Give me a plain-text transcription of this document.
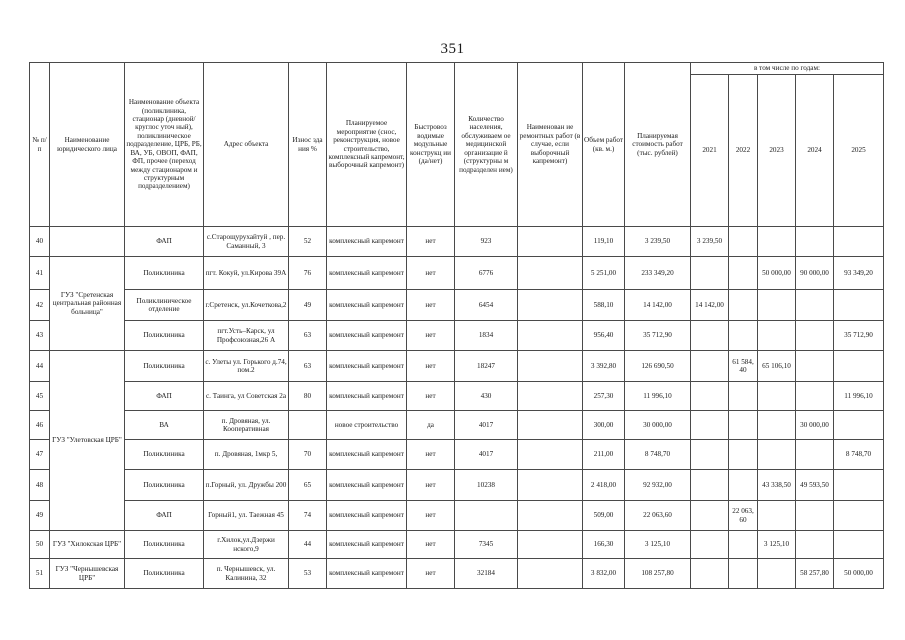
351
№ п/п	Наименование юридического лица	Наименование объекта (поликлиника, стационар (дневной/круглос уточ ный), поликлиническое подразделение, ЦРБ, РБ, ВА, УБ, ОВОП, ФАП, ФП, прочее (переход между стационаром и структурным подразделением)	Адрес объекта	Износ зда ния %	Планируемое мероприятие (снос, реконструкция, новое строительство, комплексный капремонт, выборочный капремонт)	Быстровоз водимые модульные конструкц ии (да/нет)	Количество населения, обслуживаем ое медицинской организацие й (структурны м подразделен ием)	Наименован ие ремонтных работ (в случае, если выборочный капремонт)	Объем работ (кв. м.)	Планируемая стоимость работ (тыс. рублей)	в том числе по годам:				
											2021	2022	2023	2024	2025
40		ФАП	с.Старощурухайтуй , пер. Саманный, 3	52	комплексный капремонт	нет	923		119,10	3 239,50	3 239,50				
41	ГУЗ "Сретенская центральная районная больница"	Поликлиника	пгт. Кокуй, ул.Кирова 39А	76	комплексный капремонт	нет	6776		5 251,00	233 349,20			50 000,00	90 000,00	93 349,20
42		Поликлиническое отделение	г.Сретенск, ул.Кочеткова,2	49	комплексный капремонт	нет	6454		588,10	14 142,00	14 142,00				
43		Поликлиника	пгт.Усть–Карск, ул Профсоюзная,26 А	63	комплексный капремонт	нет	1834		956,40	35 712,90					35 712,90
44	ГУЗ "Улетовская ЦРБ"	Поликлиника	с. Улеты ул. Горького д.74, пом.2	63	комплексный капремонт	нет	18247		3 392,80	126 690,50		61 584, 40	65 106,10		
45		ФАП	с. Таинга, ул Советская 2а	80	комплексный капремонт	нет	430		257,30	11 996,10					11 996,10
46		ВА	п. Дровяная, ул. Кооперативная		новое строительство	да	4017		300,00	30 000,00				30 000,00	
47		Поликлиника	п. Дровяная, 1мкр 5,	70	комплексный капремонт	нет	4017		211,00	8 748,70					8 748,70
48		Поликлиника	п.Горный, ул. Дружбы 200	65	комплексный капремонт	нет	10238		2 418,00	92 932,00			43 338,50	49 593,50	
49		ФАП	Горный1, ул. Таежная 45	74	комплексный капремонт	нет			509,00	22 063,60		22 063, 60			
50	ГУЗ "Хилокская ЦРБ"	Поликлиника	г.Хилок,ул.Дзержи нского,9	44	комплексный капремонт	нет	7345		166,30	3 125,10			3 125,10		
51	ГУЗ "Чернышевская ЦРБ"	Поликлиника	п. Чернышевск, ул. Калинина, 32	53	комплексный капремонт	нет	32184		3 832,00	108 257,80				58 257,80	50 000,00
